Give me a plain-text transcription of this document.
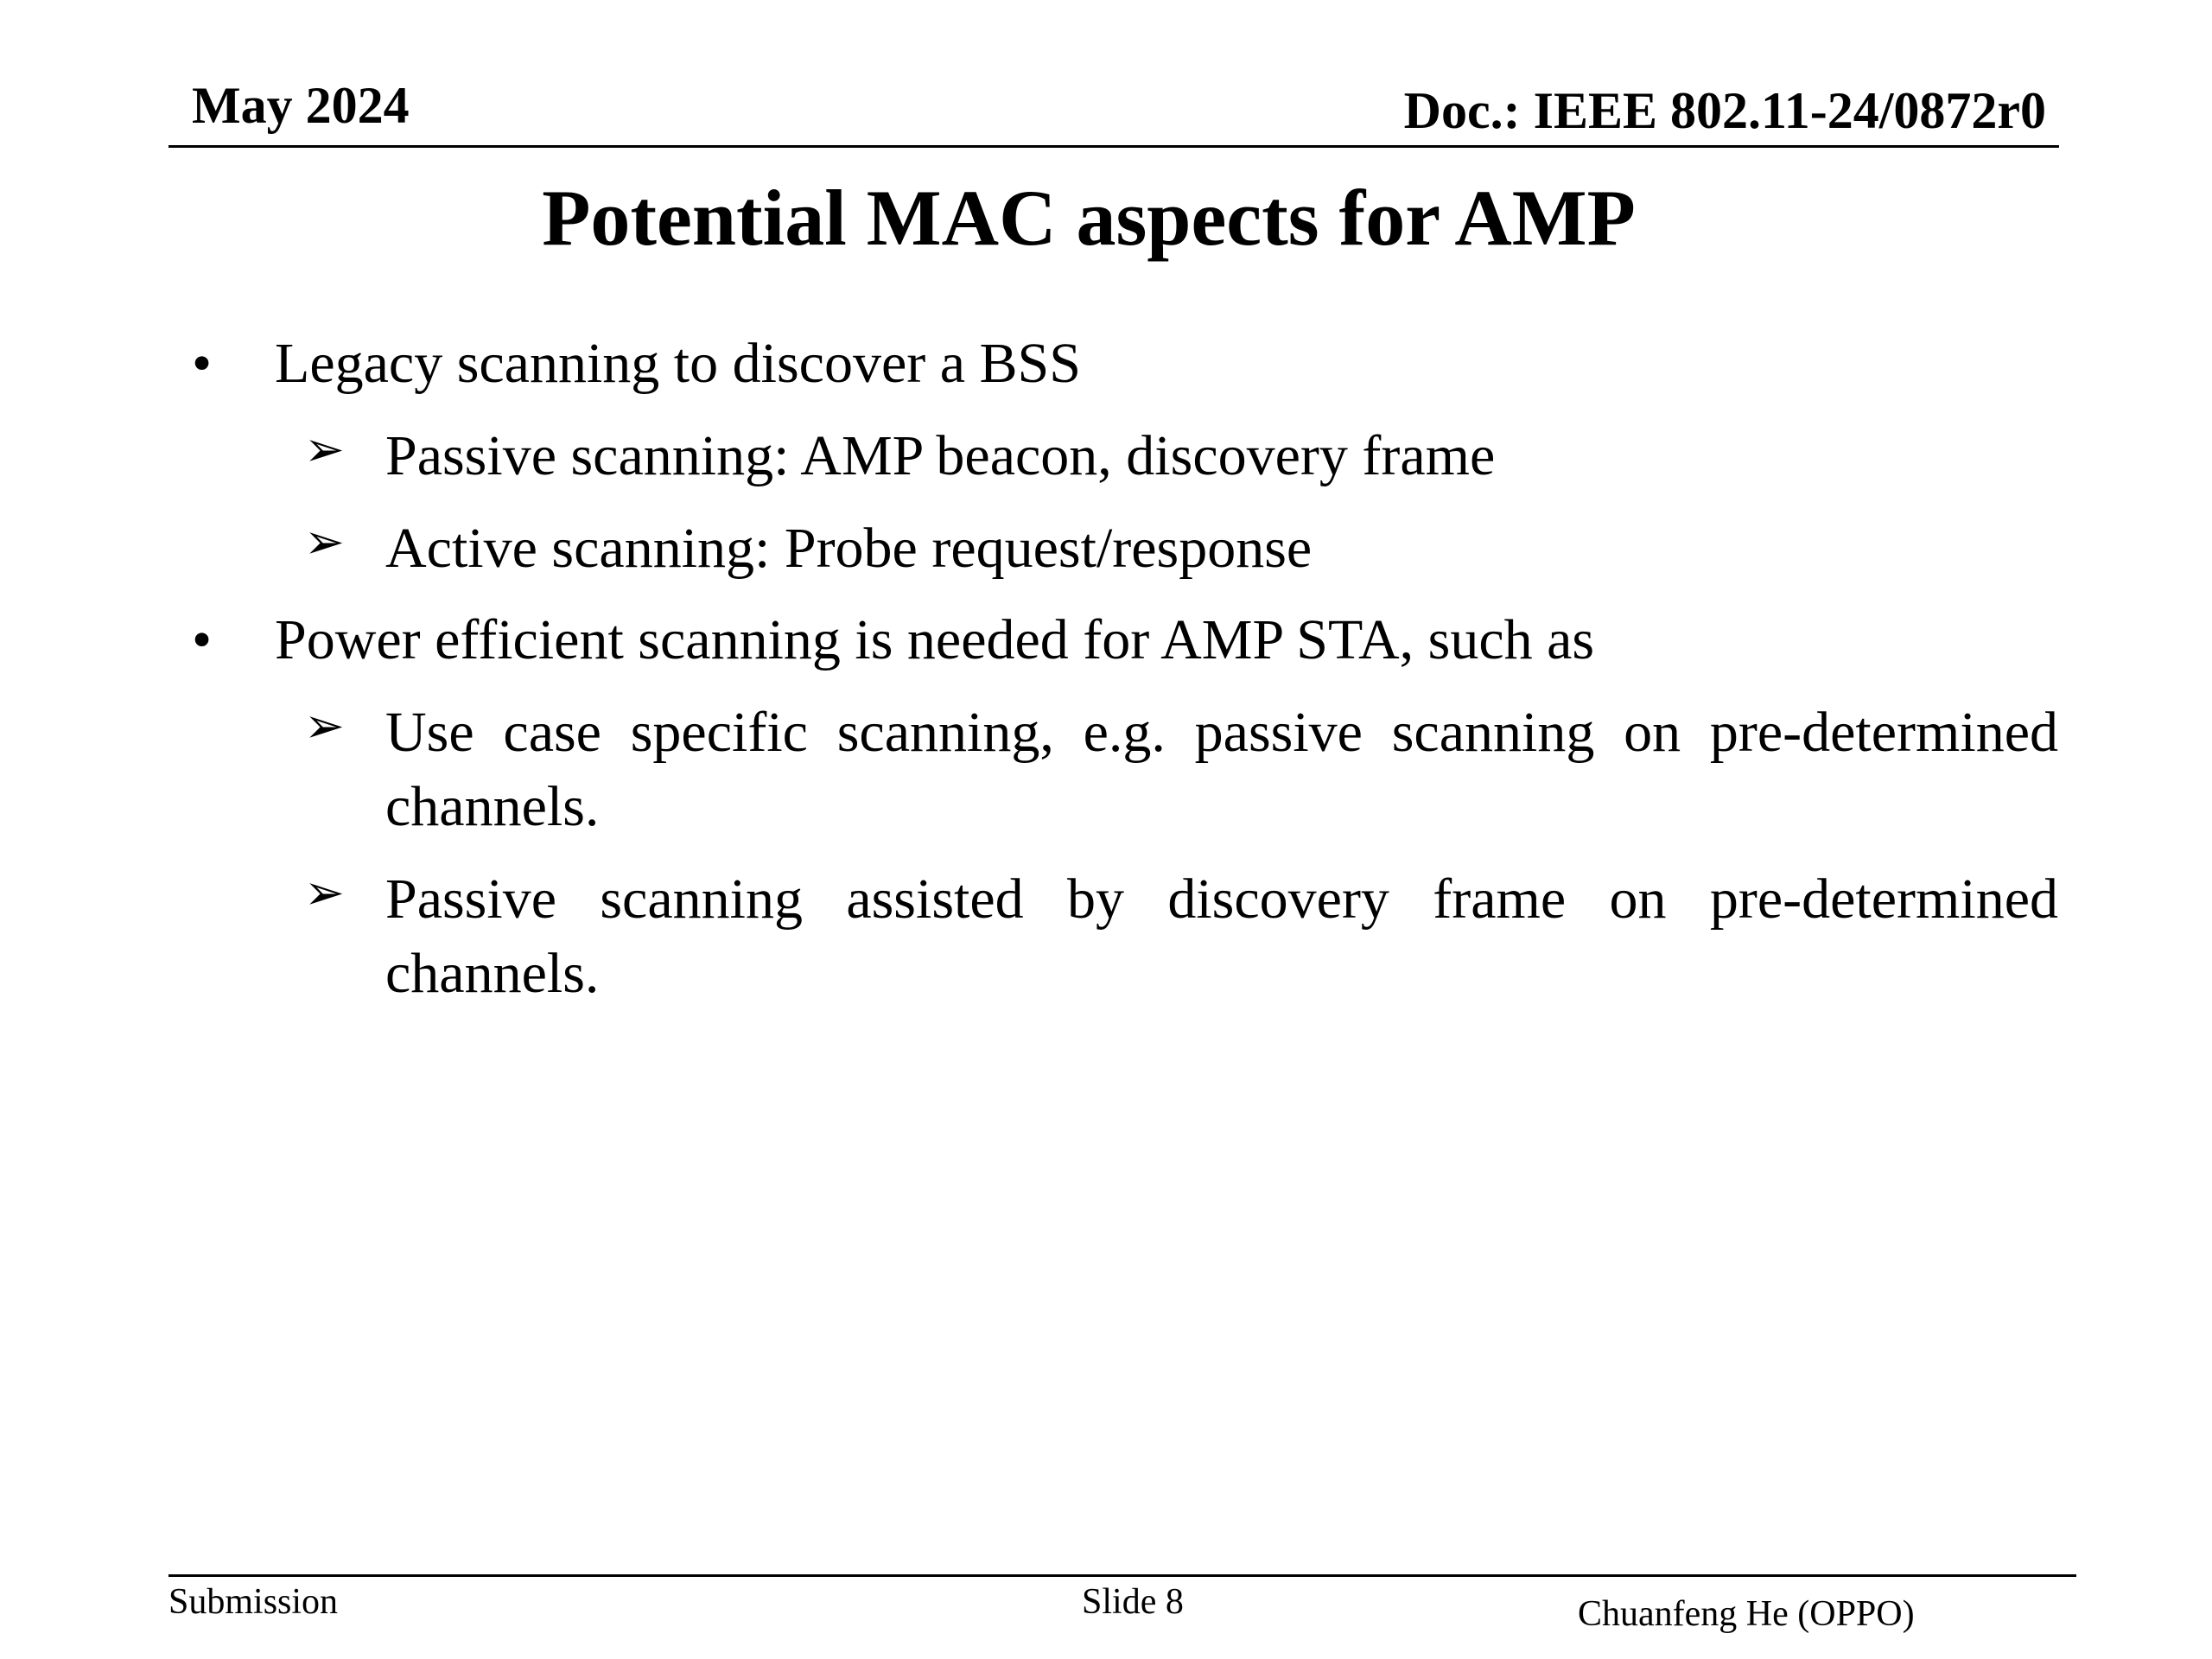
May 2024	Doc.: IEEE 802.11-24/0872r0
Potential MAC aspects for AMP
•	Legacy scanning to discover a BSS
➢ Passive scanning: AMP beacon, discovery frame
➢ Active scanning: Probe request/response
•	Power efficient scanning is needed for AMP STA, such as
➢ Use case specific scanning, e.g. passive scanning on pre-determined channels.
➢ Passive scanning assisted by discovery frame on pre-determined channels.
Submission	Slide 8	Chuanfeng He (OPPO)
